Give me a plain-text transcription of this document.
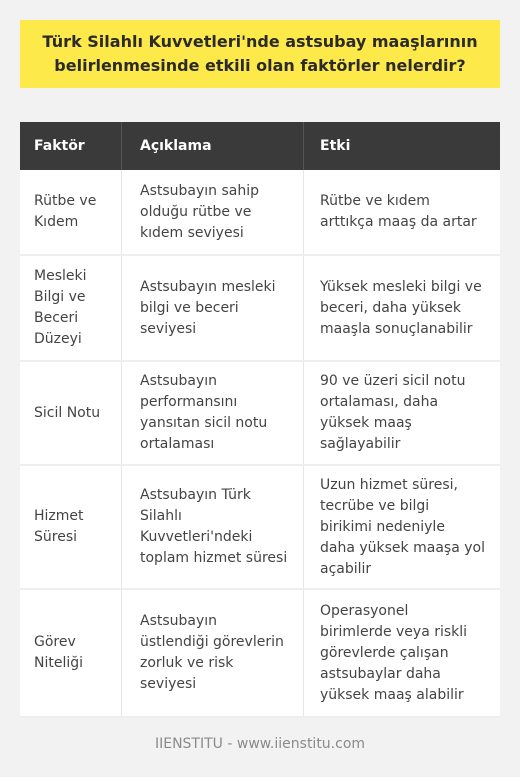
Türk Silahlı Kuvvetleri'nde astsubay maaşlarının
belirlenmesinde etkili olan faktörler nelerdir?
Faktör	Açıklama	Etki
Rütbe ve
Kıdem
Astsubayın sahip
olduğu rütbe ve
kıdem seviyesi
Rütbe ve kıdem
arttıkça maaş da artar
Mesleki
Bilgi ve
Beceri
Düzeyi
Astsubayın mesleki
bilgi ve beceri
seviyesi
Yüksek mesleki bilgi ve
beceri, daha yüksek
maaşla sonuçlanabilir
Sicil Notu
Astsubayın
performansını
yansıtan sicil notu
ortalaması
90 ve üzeri sicil notu
ortalaması, daha
yüksek maaş
sağlayabilir
Hizmet
Süresi
Astsubayın Türk
Silahlı
Kuvvetleri'ndeki
toplam hizmet süresi
Uzun hizmet süresi,
tecrübe ve bilgi
birikimi nedeniyle
daha yüksek maaşa yol
açabilir
Görev
Niteliği
Astsubayın
üstlendiği görevlerin
zorluk ve risk
seviyesi
Operasyonel
birimlerde veya riskli
görevlerde çalışan
astsubaylar daha
yüksek maaş alabilir
IIENSTITU - www.iienstitu.com
